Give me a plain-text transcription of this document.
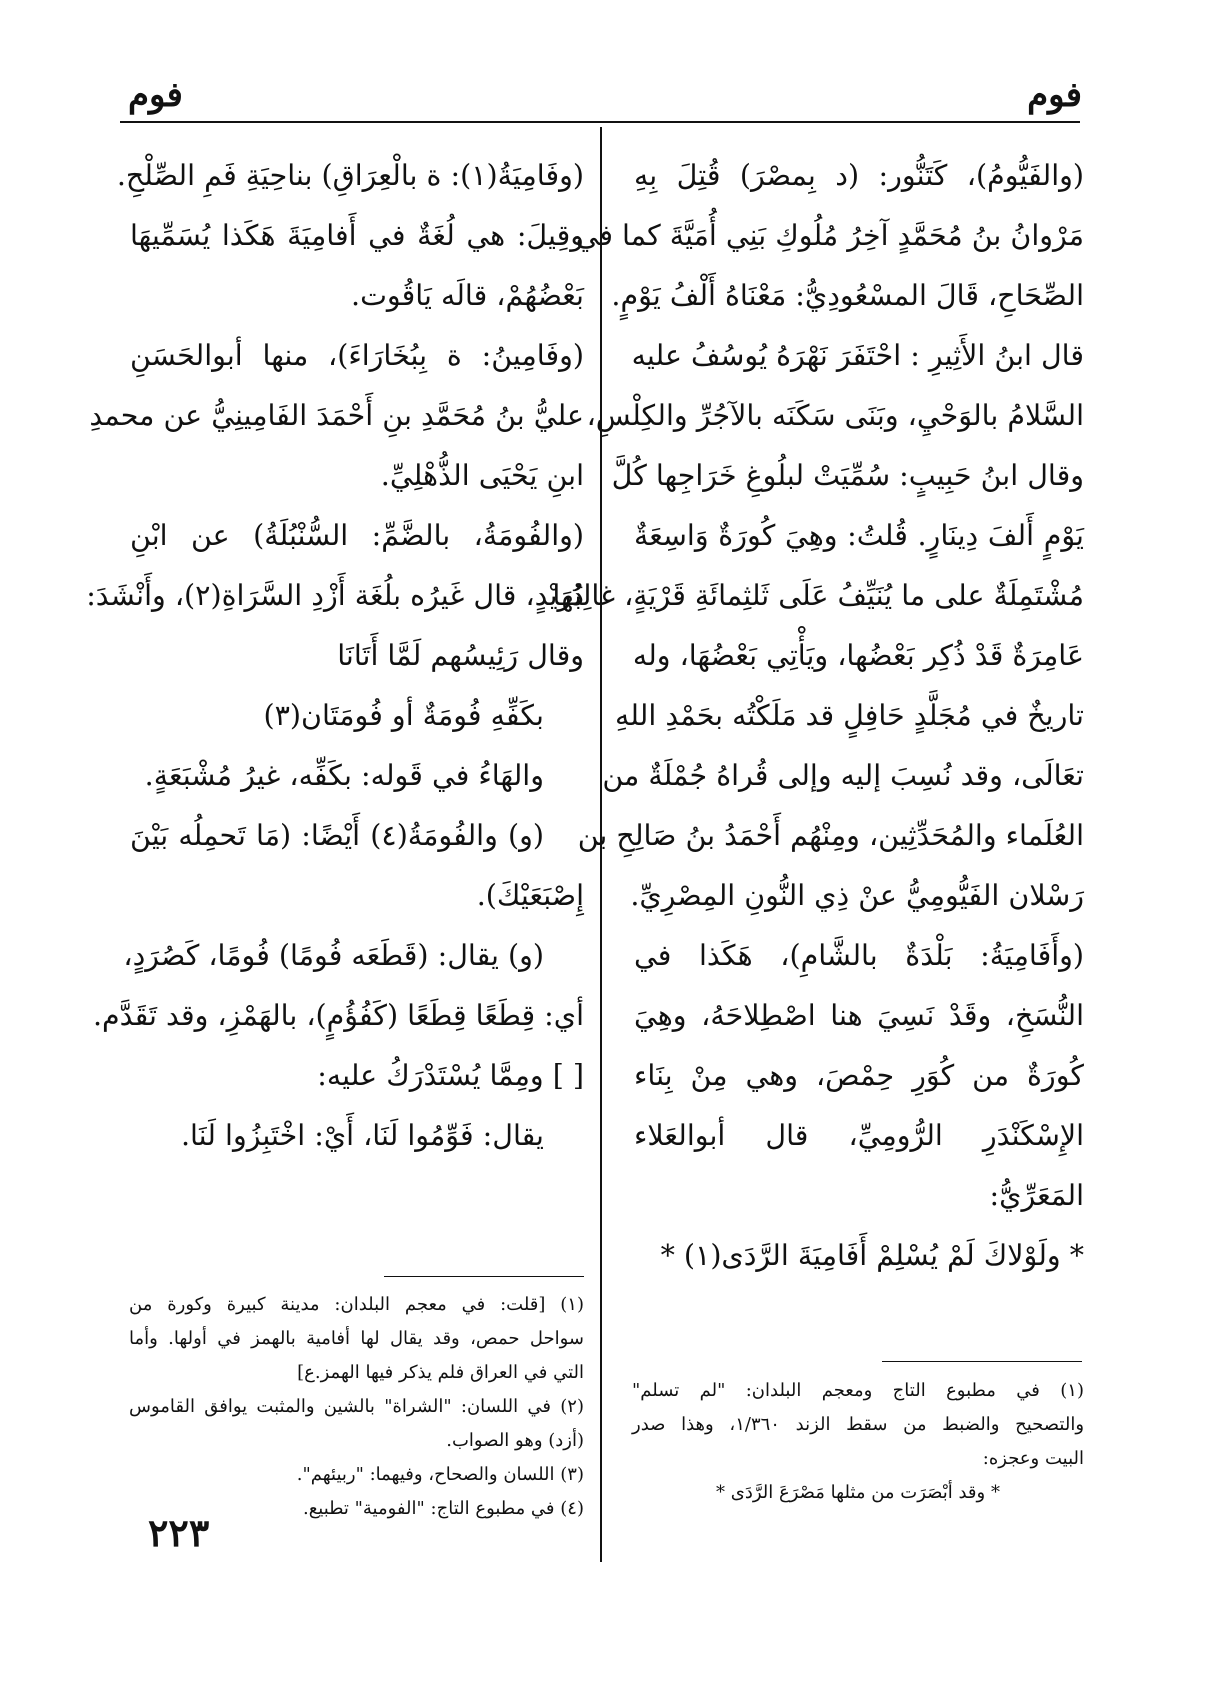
فوم
فوم
(والفَيُّومُ)، كَتَنُّور: (د بِمصْرَ) قُتِلَ بِهِ
مَرْوانُ بنُ مُحَمَّدٍ آخِرُ مُلُوكِ بَنِي أُمَيَّةَ كما في
الصِّحَاحِ، قَالَ المسْعُودِيُّ: مَعْنَاهُ أَلْفُ يَوْمٍ.
قال ابنُ الأَثِيرِ : احْتَفَرَ نَهْرَهُ يُوسُفُ عليه
السَّلامُ بالوَحْيِ، وبَنَى سَكَنَه بالآجُرِّ والكِلْسِ،
وقال ابنُ حَبِيبٍ: سُمِّيَتْ لبلُوغِ خَرَاجِها كُلَّ
يَوْمٍ أَلفَ دِينَارٍ. قُلتُ: وهِيَ كُورَةٌ وَاسِعَةٌ
مُشْتَمِلَةٌ على ما يُنَيِّفُ عَلَى ثَلثِمائَةِ قَرْيَةٍ، غالِبُها
عَامِرَةٌ قَدْ ذُكِر بَعْضُها، ويَأْتِي بَعْضُهَا، وله
تاريخٌ في مُجَلَّدٍ حَافِلٍ قد مَلَكْتُه بحَمْدِ اللهِ
تعَالَى، وقد نُسِبَ إليه وإلى قُراهُ جُمْلَةٌ من
العُلَماء والمُحَدِّثِين، ومِنْهُم أَحْمَدُ بنُ صَالِحِ بن
رَسْلان الفَيُّومِيُّ عنْ ذِي النُّونِ المِصْرِيِّ.
(وأَفَامِيَةُ: بَلْدَةٌ بالشَّامِ)، هَكَذا في
النُّسَخِ، وقَدْ نَسِيَ هنا اصْطِلاحَهُ، وهِيَ
كُورَةٌ من كُوَرِ حِمْصَ، وهي مِنْ بِنَاء
الإِسْكَنْدَرِ الرُّومِيِّ، قال أبوالعَلاء
المَعَرِّيُّ:
* ولَوْلاكَ لَمْ يُسْلِمْ أَفَامِيَةَ الرَّدَى(١) *
(وفَامِيَةُ(١): ة بالْعِرَاقِ) بناحِيَةِ فَمِ الصِّلْحِ.
وقِيلَ: هي لُغَةٌ في أَفامِيَةَ هَكَذا يُسَمِّيهَا
بَعْضُهُمْ، قالَه يَاقُوت.
(وفَامِينُ: ة بِبُخَارَاءَ)، منها أبوالحَسَنِ
عليُّ بنُ مُحَمَّدِ بنِ أَحْمَدَ الفَامِينِيُّ عن محمدِ
ابنِ يَحْيَى الذُّهْلِيِّ.
(والفُومَةُ، بالضَّمِّ: السُّنْبُلَةُ) عن ابْنِ
دُرَيْدٍ، قال غَيرُه بلُغَة أَزْدِ السَّرَاةِ(٢)، وأَنْشَدَ:
وقال رَئِيسُهم لَمَّا أَتَانَا
بكَفِّهِ فُومَةٌ أو فُومَتَان(٣)
والهَاءُ في قَوله: بكَفِّه، غيرُ مُشْبَعَةٍ.
(و) والفُومَةُ(٤) أَيْضًا: (مَا تَحمِلُه بَيْنَ
إِصْبَعَيْكَ).
(و) يقال: (قَطَعَه فُومًا) فُومًا، كَصُرَدٍ،
أي: قِطَعًا قِطَعًا (كَفُؤُمٍ)، بالهَمْزِ، وقد تَقَدَّم.
[ ] ومِمَّا يُسْتَدْرَكُ عليه:
يقال: فَوِّمُوا لَنَا، أَيْ: اخْتَبِزُوا لَنَا.
(١) في مطبوع التاج ومعجم البلدان: "لم تسلم"
والتصحيح والضبط من سقط الزند ١/٣٦٠، وهذا صدر
البيت وعجزه:
* وقد أبْصَرَت من مثلها مَصْرَعَ الرَّدَى *
(١) [قلت: في معجم البلدان: مدينة كبيرة وكورة من
سواحل حمص، وقد يقال لها أفامية بالهمز في أولها. وأما
التي في العراق فلم يذكر فيها الهمز.ع]
(٢) في اللسان: "الشراة" بالشين والمثبت يوافق القاموس
(أزد) وهو الصواب.
(٣) اللسان والصحاح، وفيهما: "ربيئهم".
(٤) في مطبوع التاج: "الفومية" تطبيع.
٢٢٣
